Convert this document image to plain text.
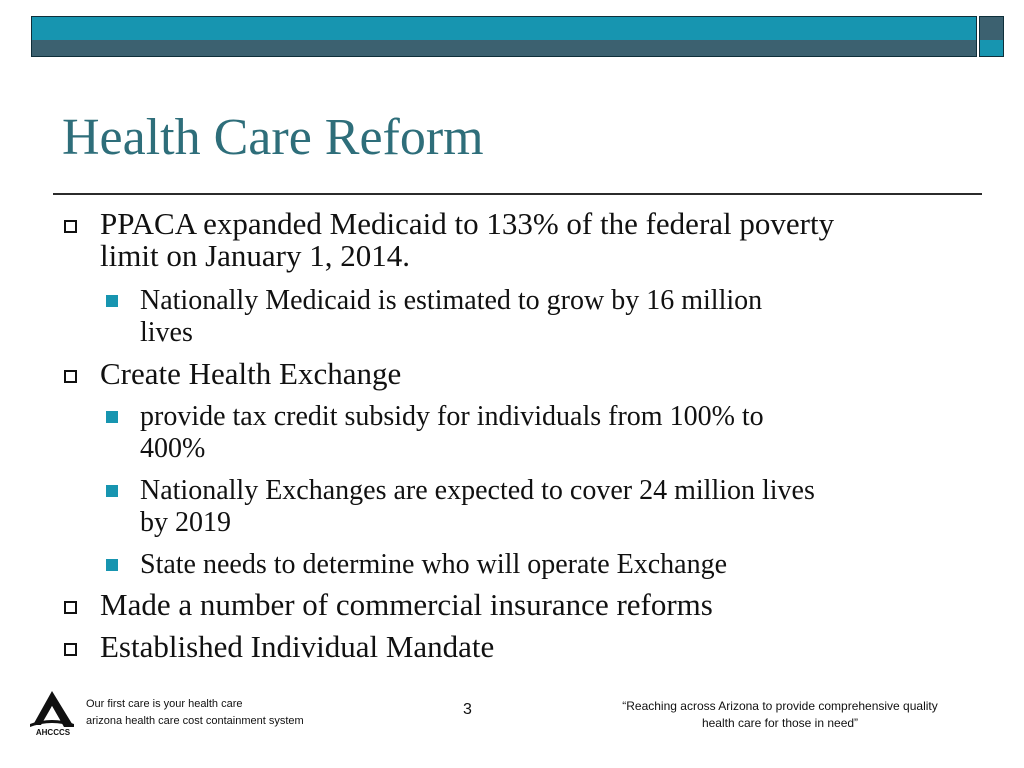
Health Care Reform
PPACA expanded Medicaid to 133% of the federal poverty
limit on January 1, 2014.
Nationally Medicaid is estimated to grow by 16 million
lives
Create Health Exchange
provide tax credit subsidy for individuals from 100% to
400%
Nationally Exchanges are expected to cover 24 million lives
by 2019
State needs to determine who will operate Exchange
Made a number of commercial insurance reforms
Established Individual Mandate
AHCCCS
Our first care is your health care
arizona health care cost containment system
3	“Reaching across Arizona to provide comprehensive quality
health care for those in need”
